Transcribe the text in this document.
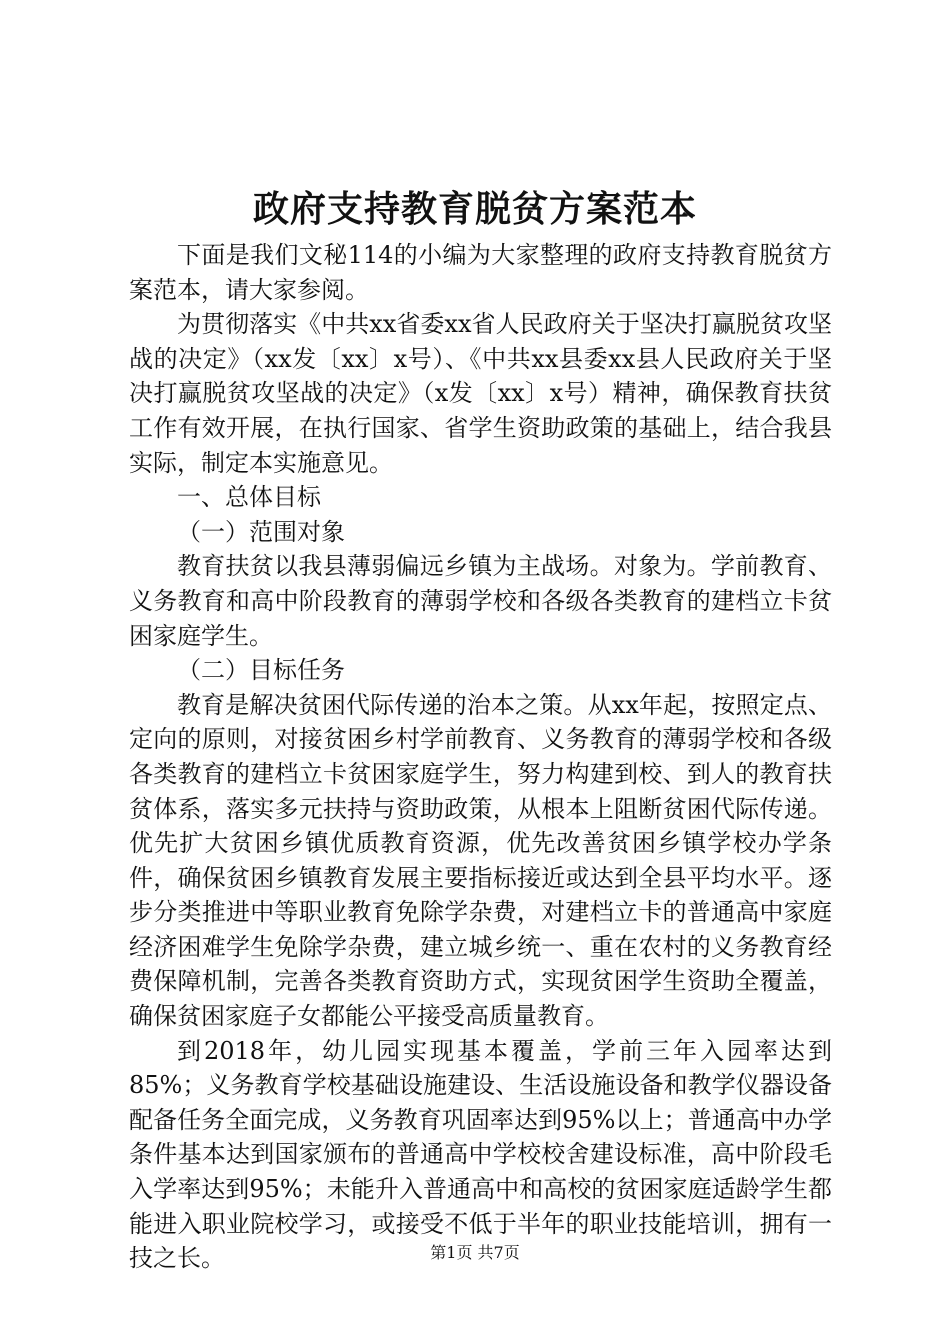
政府支持教育脱贫方案范本

下面是我们文秘114的小编为大家整理的政府支持教育脱贫方案范本，请大家参阅。

为贯彻落实《中共xx省委xx省人民政府关于坚决打赢脱贫攻坚战的决定》（xx发〔xx〕x号）、《中共xx县委xx县人民政府关于坚决打赢脱贫攻坚战的决定》（x发〔xx〕x号）精神，确保教育扶贫工作有效开展，在执行国家、省学生资助政策的基础上，结合我县实际，制定本实施意见。

一、总体目标

（一）范围对象

教育扶贫以我县薄弱偏远乡镇为主战场。对象为。学前教育、义务教育和高中阶段教育的薄弱学校和各级各类教育的建档立卡贫困家庭学生。

（二）目标任务

教育是解决贫困代际传递的治本之策。从xx年起，按照定点、定向的原则，对接贫困乡村学前教育、义务教育的薄弱学校和各级各类教育的建档立卡贫困家庭学生，努力构建到校、到人的教育扶贫体系，落实多元扶持与资助政策，从根本上阻断贫困代际传递。优先扩大贫困乡镇优质教育资源，优先改善贫困乡镇学校办学条件，确保贫困乡镇教育发展主要指标接近或达到全县平均水平。逐步分类推进中等职业教育免除学杂费，对建档立卡的普通高中家庭经济困难学生免除学杂费，建立城乡统一、重在农村的义务教育经费保障机制，完善各类教育资助方式，实现贫困学生资助全覆盖，确保贫困家庭子女都能公平接受高质量教育。

到2018年，幼儿园实现基本覆盖，学前三年入园率达到85%；义务教育学校基础设施建设、生活设施设备和教学仪器设备配备任务全面完成，义务教育巩固率达到95%以上；普通高中办学条件基本达到国家颁布的普通高中学校校舍建设标准，高中阶段毛入学率达到95%；未能升入普通高中和高校的贫困家庭适龄学生都能进入职业院校学习，或接受不低于半年的职业技能培训，拥有一技之长。	第1页 共7页
